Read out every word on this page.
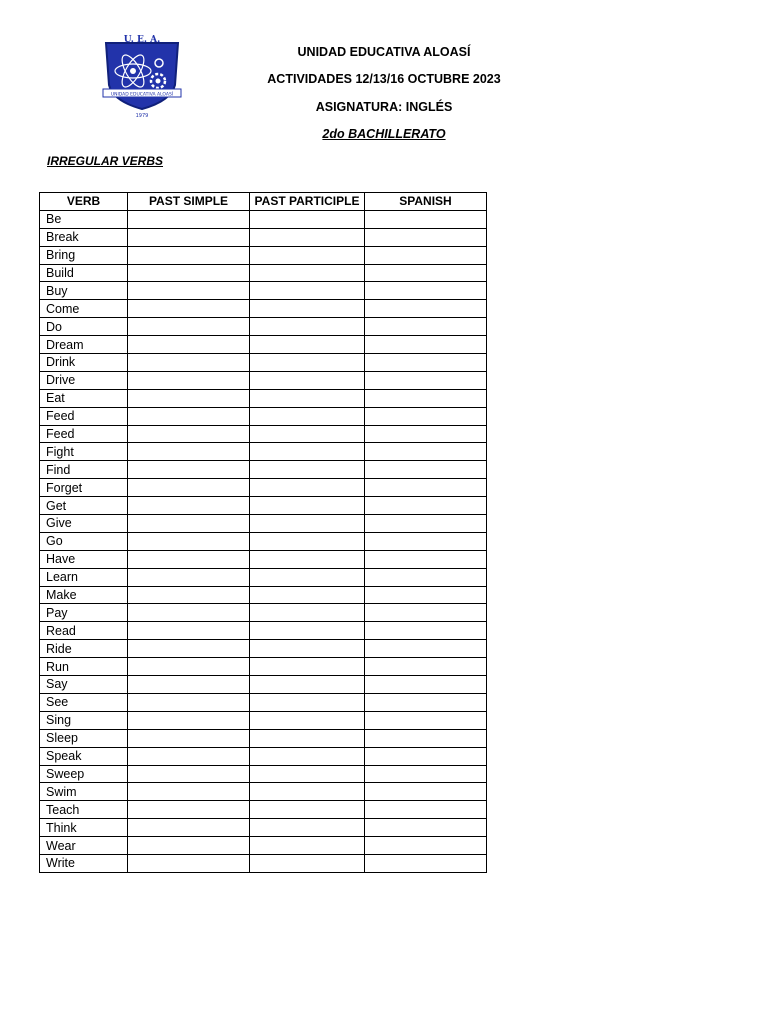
U. E. A.
UNIDAD EDUCATIVA ALOASÍ
1979
UNIDAD EDUCATIVA ALOASÍ
ACTIVIDADES 12/13/16 OCTUBRE 2023
ASIGNATURA: INGLÉS
2do BACHILLERATO
IRREGULAR VERBS
VERB	PAST SIMPLE	PAST PARTICIPLE	SPANISH
Be			
Break			
Bring			
Build			
Buy			
Come			
Do			
Dream			
Drink			
Drive			
Eat			
Feed			
Feed			
Fight			
Find			
Forget			
Get			
Give			
Go			
Have			
Learn			
Make			
Pay			
Read			
Ride			
Run			
Say			
See			
Sing			
Sleep			
Speak			
Sweep			
Swim			
Teach			
Think			
Wear			
Write			
